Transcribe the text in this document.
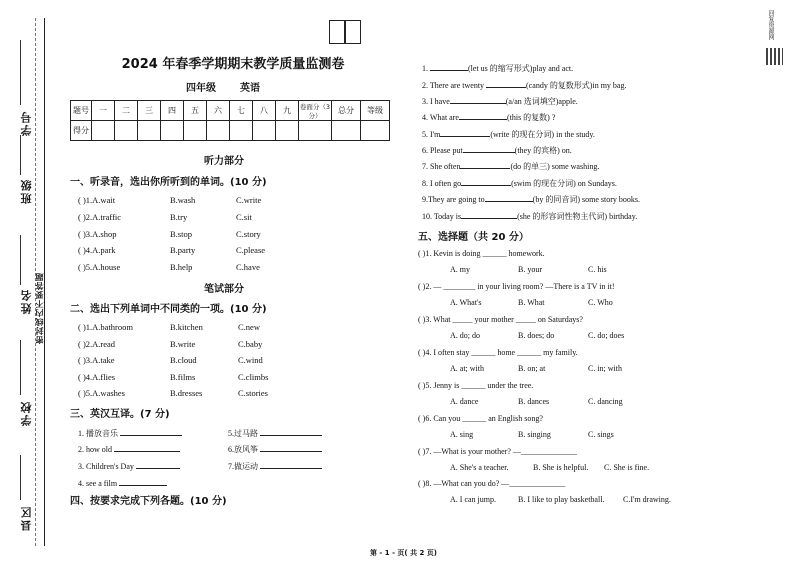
学号
班级
姓名 密封线内不要答题
学校
县区
2024 年春季学期期末教学质量监测卷
四年级 英语
题号	一	二	三	四	五	六	七	八	九	卷面分（3分）	总分	等级
得分												
听力部分
一、听录音，选出你所听到的单词。(10 分)
( )1.A.wait	B.wash	C.write
( )2.A.traffic	B.try	C.sit
( )3.A.shop	B.stop	C.story
( )4.A.park	B.party	C.please
( )5.A.house	B.help	C.have
笔试部分
二、选出下列单词中不同类的一项。(10 分)
( )1.A.bathroom	B.kitchen	C.new
( )2.A.read	B.write	C.baby
( )3.A.take	B.cloud	C.wind
( )4.A.flies	B.films	C.climbs
( )5.A.washes	B.dresses	C.stories
三、英汉互译。(7 分)
1. 播放音乐	5.过马路
2. how old	6.放风筝
3. Children's Day	7.做运动
4. see a film
四、按要求完成下列各题。(10 分)
1.	(let us 的缩写形式)play and act.
2. There are twenty	(candy 的复数形式)in my bag.
3. I have	(a/an 选词填空)apple.
4. What are	(this 的复数) ?
5. I'm	(write 的现在分词) in the study.
6. Please put	(they 的宾格) on.
7. She often	(do 的单三) some washing.
8. I often go	(swim 的现在分词) on Sundays.
9.They are going to	(by 的同音词) some story books.
10. Today is	(she 的形容词性物主代词) birthday.
五、选择题（共 20 分）
( )1. Kevin is doing ______ homework.
A. my	B. your	C. his
( )2. — ________ in your living room? —There is a TV in it!
A. What's	B. What	C. Who
( )3. What _____ your mother _____ on Saturdays?
A. do; do	B. does; do	C. do; does
( )4. I often stay ______ home ______ my family.
A. at; with	B. on; at	C. in; with
( )5. Jenny is ______ under the tree.
A. dance	B. dances	C. dancing
( )6. Can you ______ an English song?
A. sing	B. singing	C. sings
( )7. —What is your mother? —______________
A. She's a teacher.	B. She is helpful. C. She is fine.
( )8. —What can you do? —______________
A. I can jump.	B. I like to play basketball. C.I'm drawing.
回复资源网
第 - 1 - 页( 共 2 页)
